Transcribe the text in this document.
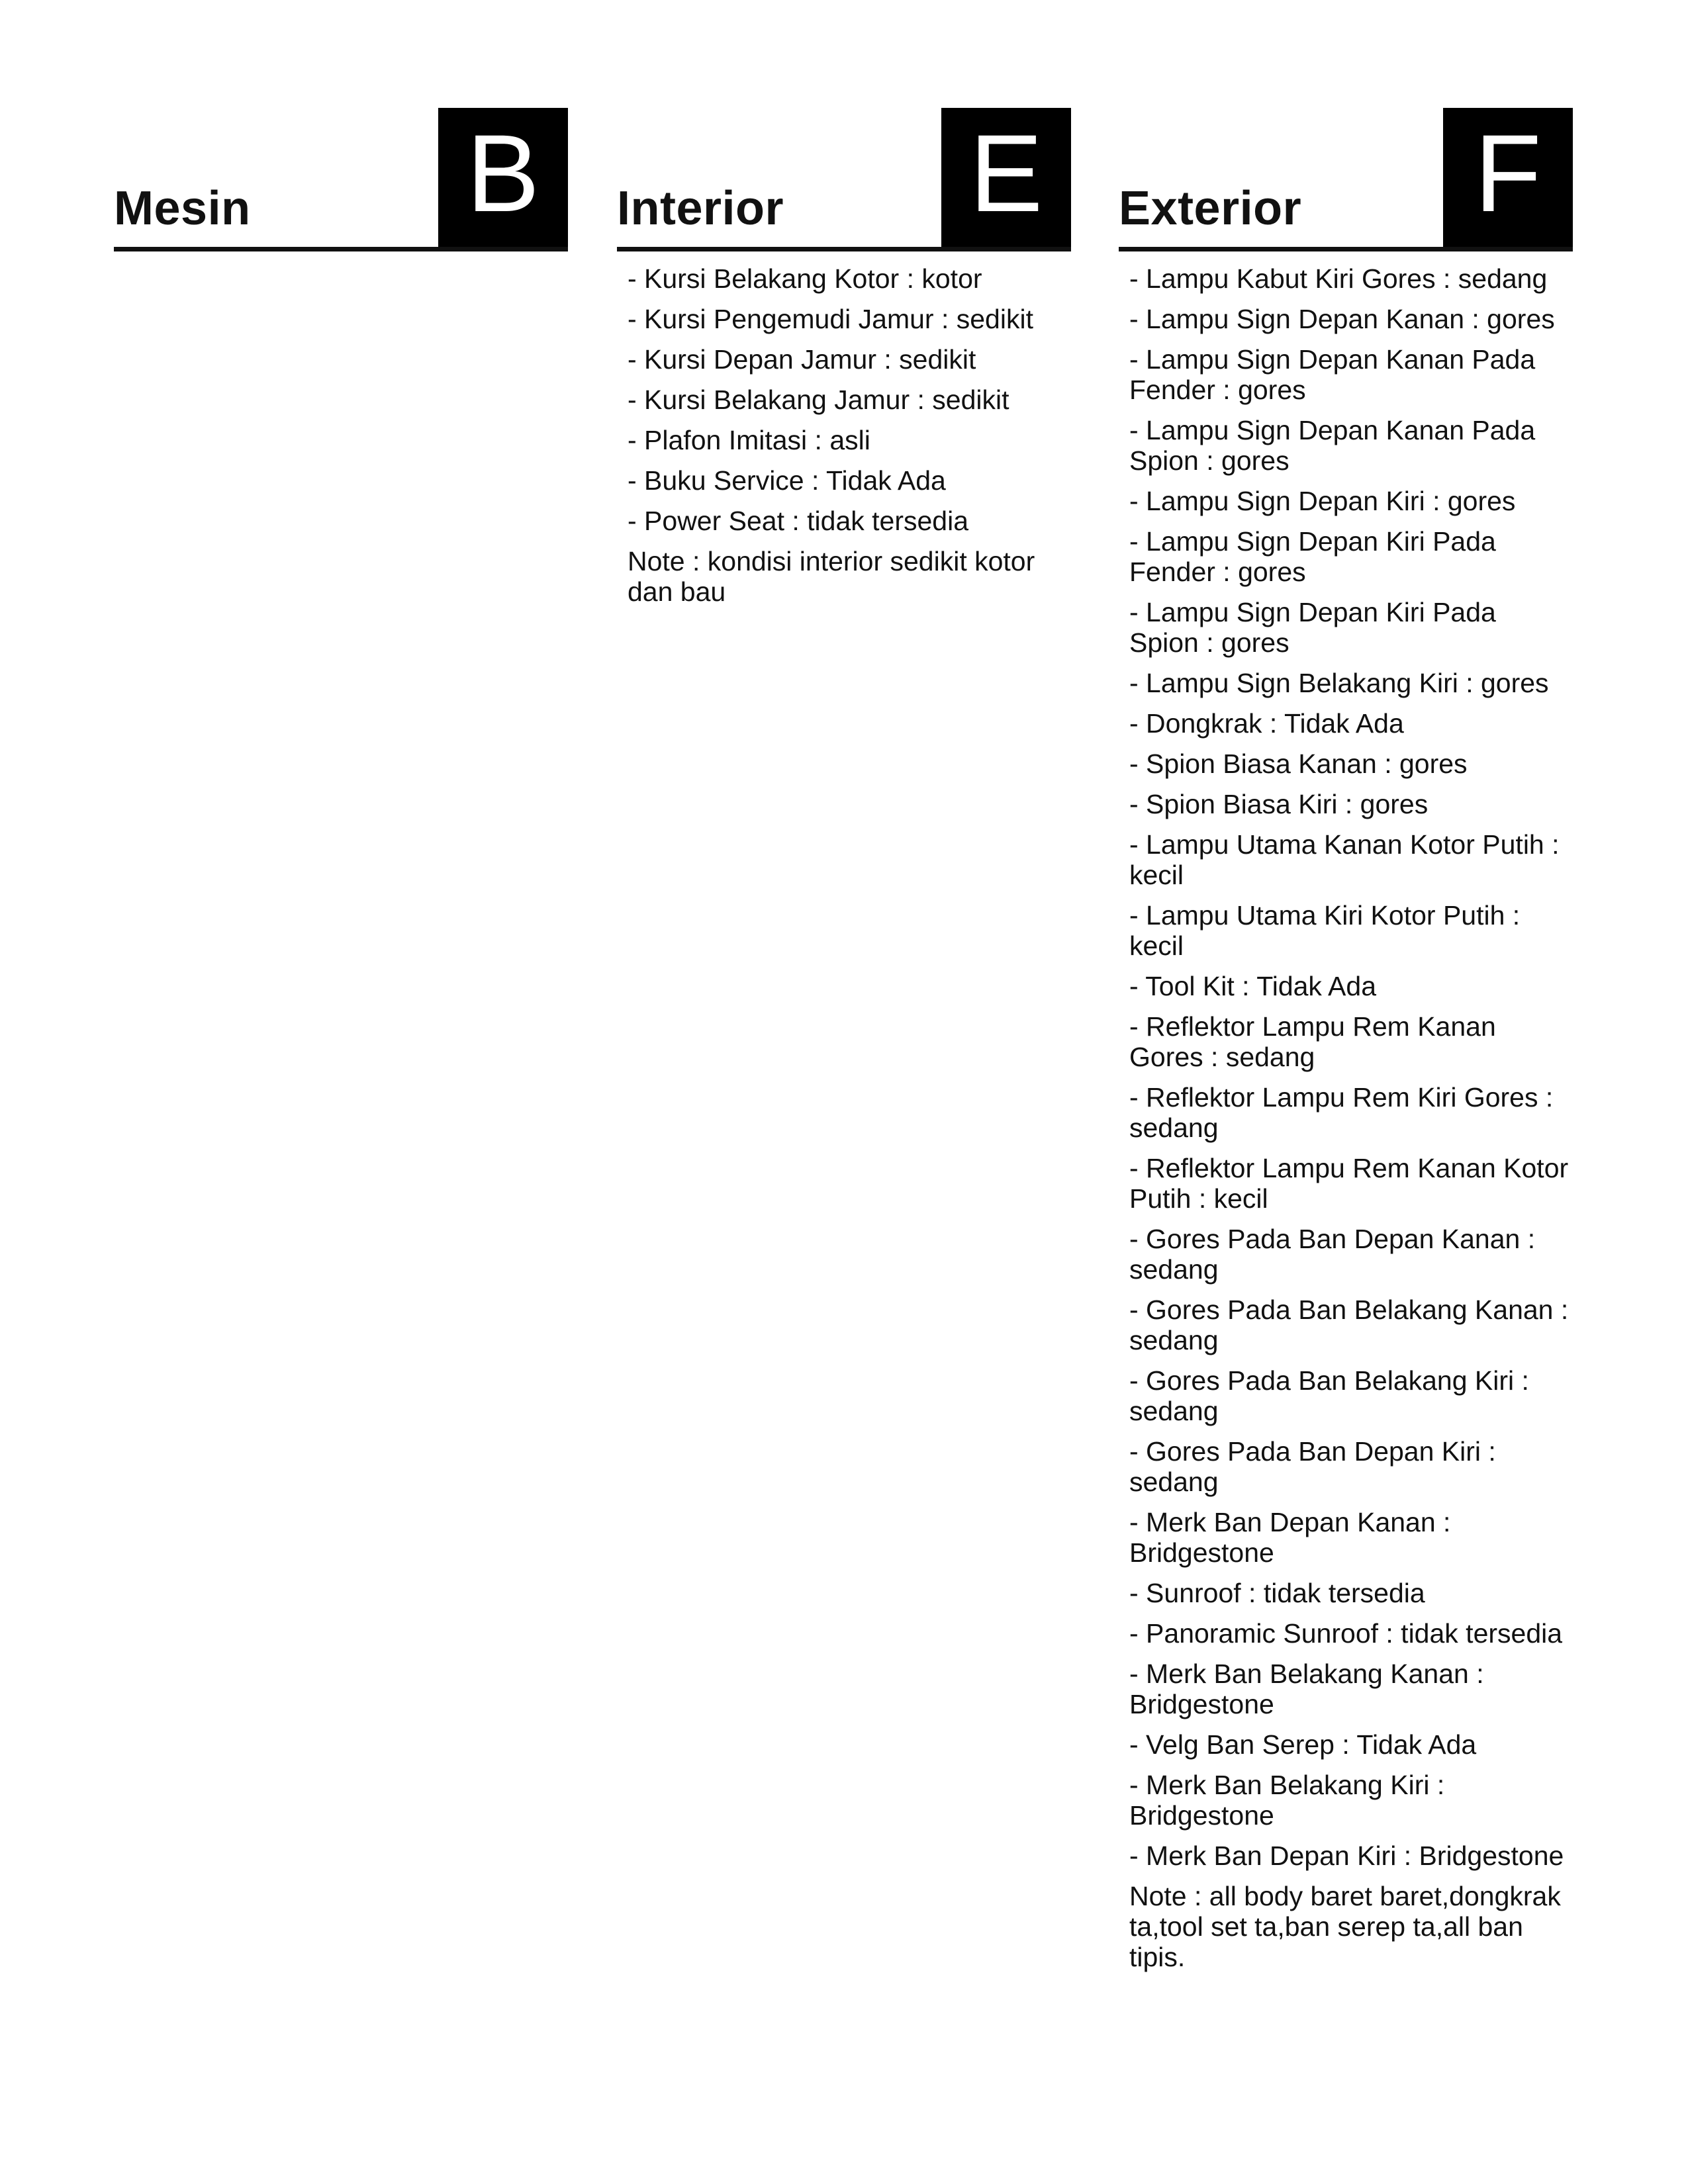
Mesin B	Interior E
- Kursi Belakang Kotor : kotor
- Kursi Pengemudi Jamur : sedikit
- Kursi Depan Jamur : sedikit
- Kursi Belakang Jamur : sedikit
- Plafon Imitasi : asli
- Buku Service : Tidak Ada
- Power Seat : tidak tersedia

Note : kondisi interior sedikit kotor dan bau

Exterior F
- Lampu Kabut Kiri Gores : sedang
- Lampu Sign Depan Kanan : gores
- Lampu Sign Depan Kanan Pada Fender : gores
- Lampu Sign Depan Kanan Pada Spion : gores
- Lampu Sign Depan Kiri : gores
- Lampu Sign Depan Kiri Pada Fender : gores
- Lampu Sign Depan Kiri Pada Spion : gores
- Lampu Sign Belakang Kiri : gores
- Dongkrak : Tidak Ada
- Spion Biasa Kanan : gores
- Spion Biasa Kiri : gores
- Lampu Utama Kanan Kotor Putih : kecil
- Lampu Utama Kiri Kotor Putih : kecil
- Tool Kit : Tidak Ada
- Reflektor Lampu Rem Kanan Gores : sedang
- Reflektor Lampu Rem Kiri Gores : sedang
- Reflektor Lampu Rem Kanan Kotor Putih : kecil
- Gores Pada Ban Depan Kanan : sedang
- Gores Pada Ban Belakang Kanan : sedang
- Gores Pada Ban Belakang Kiri : sedang
- Gores Pada Ban Depan Kiri : sedang
- Merk Ban Depan Kanan : Bridgestone
- Sunroof : tidak tersedia
- Panoramic Sunroof : tidak tersedia
- Merk Ban Belakang Kanan : Bridgestone
- Velg Ban Serep : Tidak Ada
- Merk Ban Belakang Kiri : Bridgestone
- Merk Ban Depan Kiri : Bridgestone

Note : all body baret baret,dongkrak ta,tool set ta,ban serep ta,all ban tipis.
